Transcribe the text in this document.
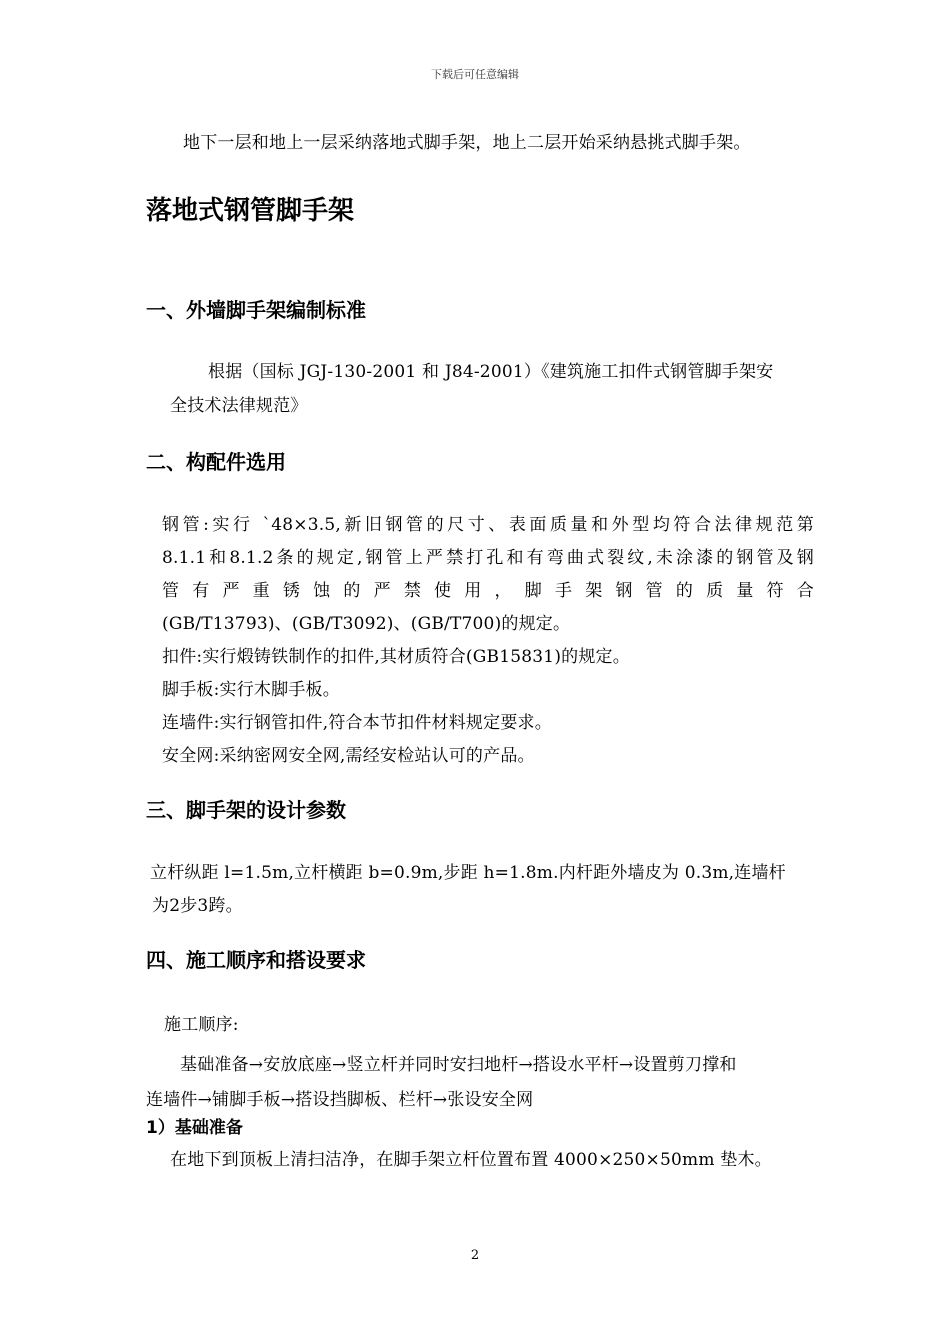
下载后可任意编辑
地下一层和地上一层采纳落地式脚手架，地上二层开始采纳悬挑式脚手架。
落地式钢管脚手架
一、外墙脚手架编制标准
根据（国标 JGJ-130-2001 和 J84-2001）《建筑施工扣件式钢管脚手架安
全技术法律规范》
二、构配件选用
钢管:实行 `48×3.5,新旧钢管的尺寸、表面质量和外型均符合法律规范第
8.1.1和8.1.2条的规定,钢管上严禁打孔和有弯曲式裂纹,未涂漆的钢管及钢
管有严重锈蚀的严禁使用，脚手架钢管的质量符合
(GB/T13793)、(GB/T3092)、(GB/T700)的规定。
扣件:实行煅铸铁制作的扣件,其材质符合(GB15831)的规定。
脚手板:实行木脚手板。
连墙件:实行钢管扣件,符合本节扣件材料规定要求。
安全网:采纳密网安全网,需经安检站认可的产品。
三、脚手架的设计参数
立杆纵距 l=1.5m,立杆横距 b=0.9m,步距 h=1.8m.内杆距外墙皮为 0.3m,连墙杆
为2步3跨。
四、施工顺序和搭设要求
施工顺序:
基础准备→安放底座→竖立杆并同时安扫地杆→搭设水平杆→设置剪刀撑和
连墙件→铺脚手板→搭设挡脚板、栏杆→张设安全网
1）基础准备
在地下到顶板上清扫洁净，在脚手架立杆位置布置 4000×250×50mm 垫木。
2
